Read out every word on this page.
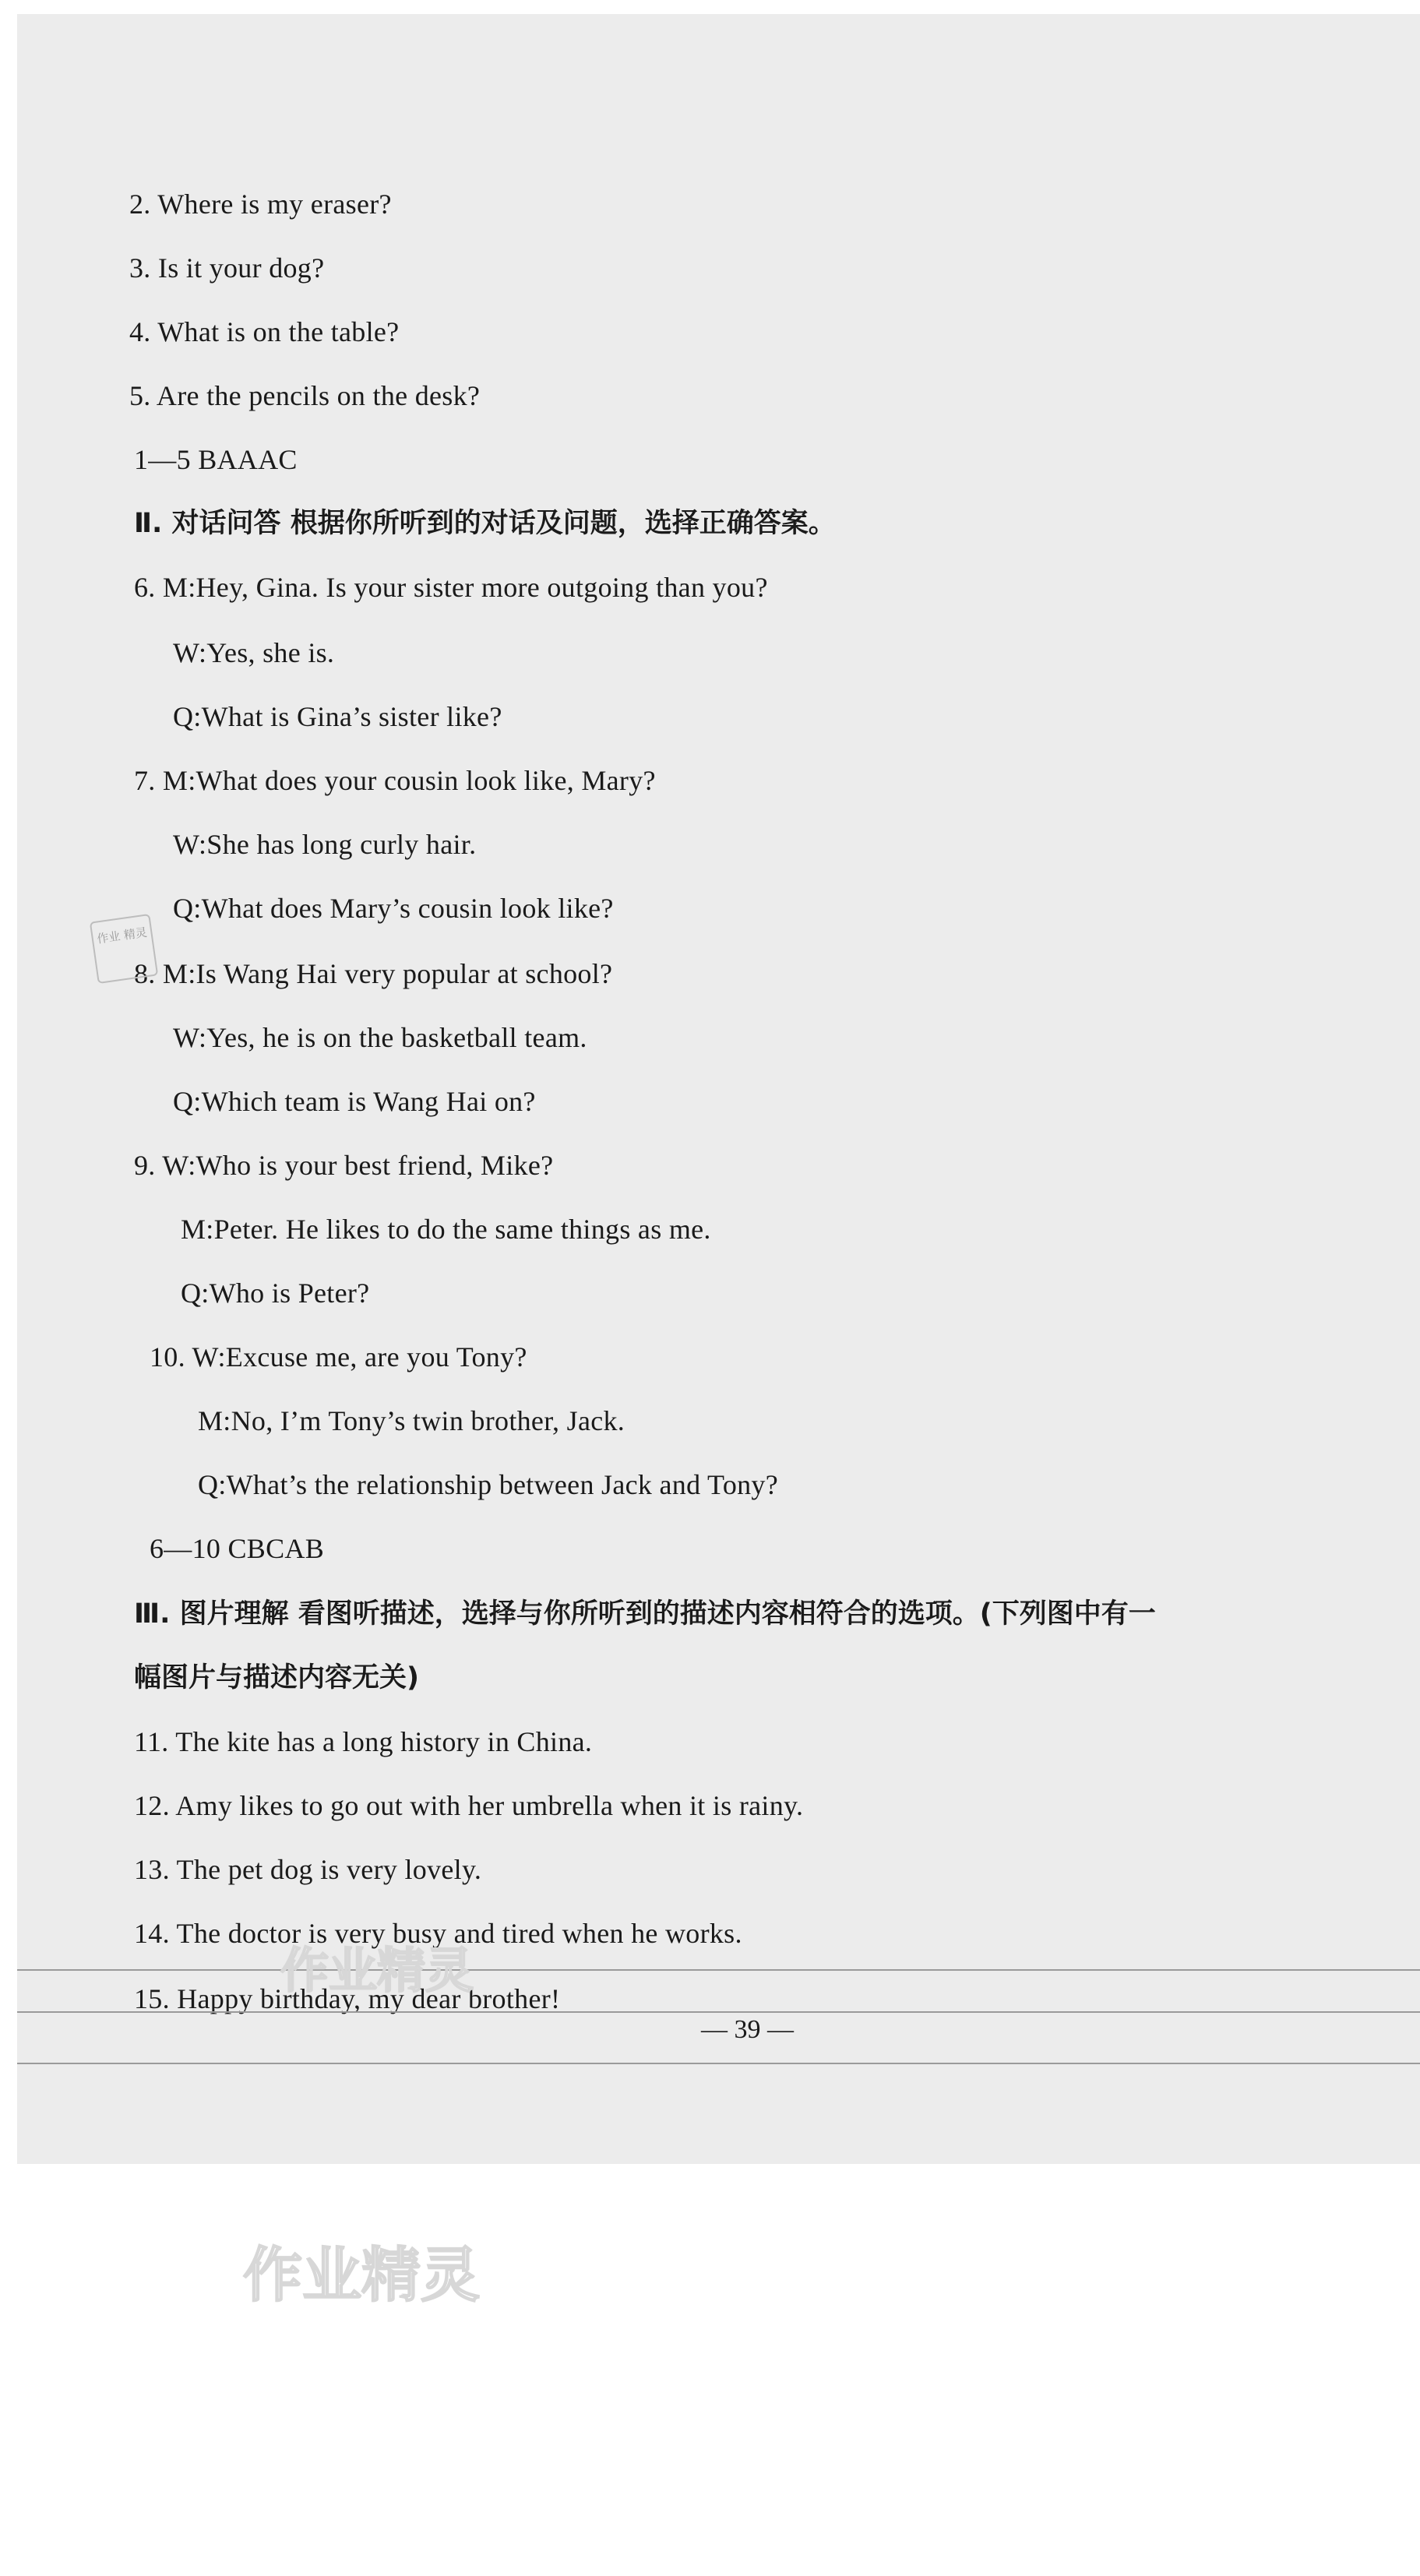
2. Where is my eraser?
3. Is it your dog?
4. What is on the table?
5. Are the pencils on the desk?
1—5 BAAAC
Ⅱ. 对话问答 根据你所听到的对话及问题，选择正确答案。
6. M:Hey, Gina. Is your sister more outgoing than you?
W:Yes, she is.
Q:What is Gina’s sister like?
7. M:What does your cousin look like, Mary?
W:She has long curly hair.
Q:What does Mary’s cousin look like?
8. M:Is Wang Hai very popular at school?
W:Yes, he is on the basketball team.
Q:Which team is Wang Hai on?
9. W:Who is your best friend, Mike?
M:Peter. He likes to do the same things as me.
Q:Who is Peter?
10. W:Excuse me, are you Tony?
M:No, I’m Tony’s twin brother, Jack.
Q:What’s the relationship between Jack and Tony?
6—10 CBCAB
Ⅲ. 图片理解 看图听描述，选择与你所听到的描述内容相符合的选项。(下列图中有一
幅图片与描述内容无关)
11. The kite has a long history in China.
12. Amy likes to go out with her umbrella when it is rainy.
13. The pet dog is very lovely.
14. The doctor is very busy and tired when he works.
15. Happy birthday, my dear brother!
— 39 —
作业 精灵
作业精灵
作业精灵
